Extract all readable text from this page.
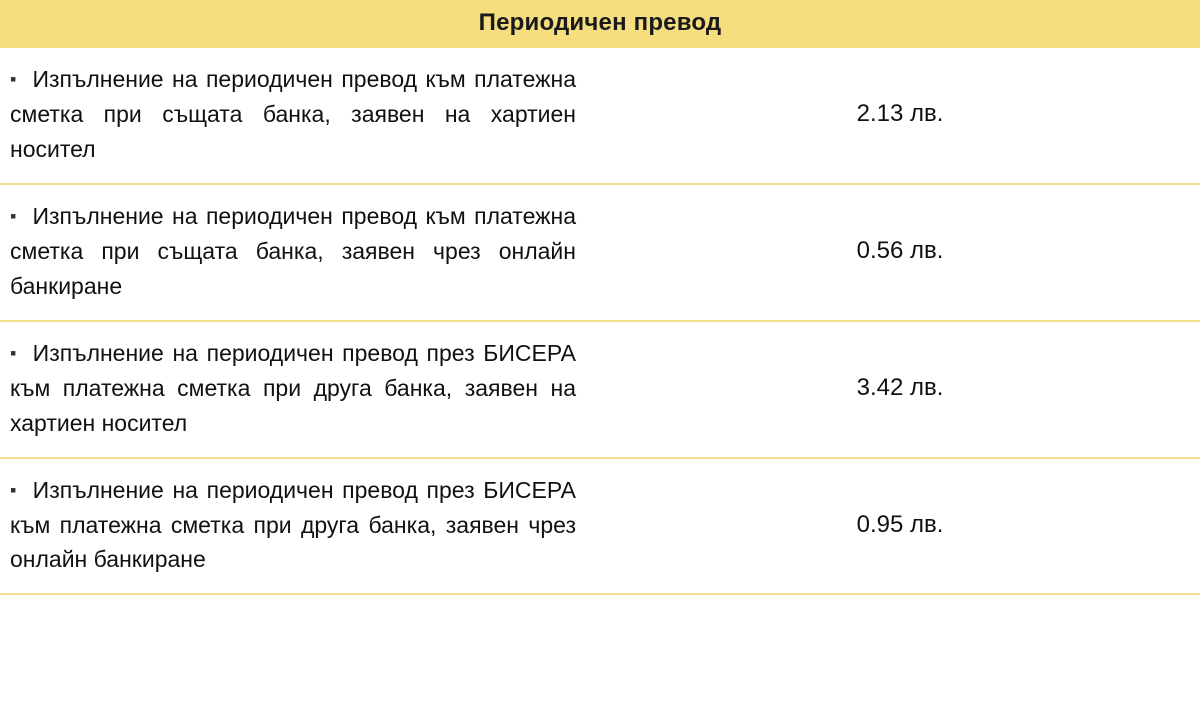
Периодичен превод	
▪ Изпълнение на периодичен превод към платежна сметка при същата банка, заявен на хартиен носител	2.13 лв.
▪ Изпълнение на периодичен превод към платежна сметка при същата банка, заявен чрез онлайн банкиране	0.56 лв.
▪ Изпълнение на периодичен превод през БИСЕРА към платежна сметка при друга банка, заявен на хартиен носител	3.42 лв.
▪ Изпълнение на периодичен превод през БИСЕРА към платежна сметка при друга банка, заявен чрез онлайн банкиране	0.95 лв.
